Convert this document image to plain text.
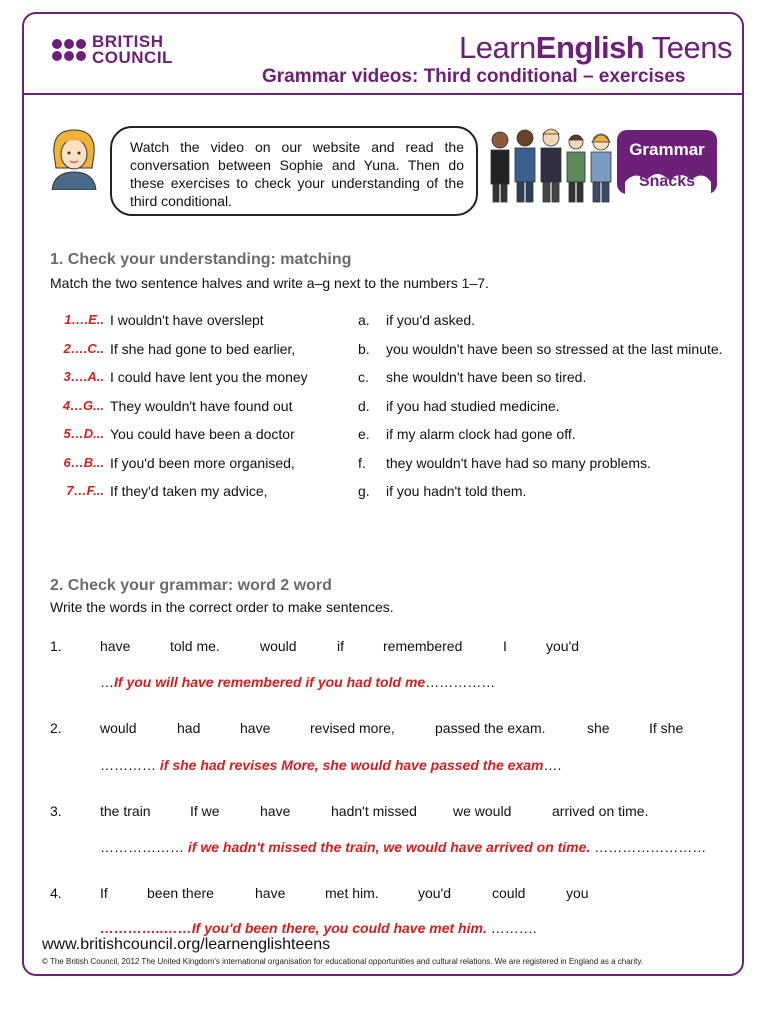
BRITISH
COUNCIL	LearnEnglish Teens
Grammar videos: Third conditional – exercises
Watch the video on our website and read the conversation between Sophie and Yuna. Then do these exercises to check your understanding of the third conditional.
Grammar
Snacks
1. Check your understanding: matching
Match the two sentence halves and write a–g next to the numbers 1–7.
1….E.. I wouldn't have overslept	a. if you'd asked.
2….C.. If she had gone to bed earlier,	b. you wouldn't have been so stressed at the last minute.
3….A.. I could have lent you the money	c. she wouldn't have been so tired.
4…G... They wouldn't have found out	d. if you had studied medicine.
5…D... You could have been a doctor	e. if my alarm clock had gone off.
6…B... If you'd been more organised,	f. they wouldn't have had so many problems.
7…F... If they'd taken my advice,	g. if you hadn't told them.
2. Check your grammar: word 2 word
Write the words in the correct order to make sentences.
1.	have	told me.	would	if	remembered	I	you'd
…If you will have remembered if you had told me……………
2.	would	had	have	revised more,	passed the exam.	she	If she
………… if she had revises More, she would have passed the exam….
3.	the train	If we	have	hadn't missed	we would	arrived on time.
……………… if we hadn't missed the train, we would have arrived on time. ……………………
4.	If	been there	have	met him.	you'd	could	you
…………..……If you'd been there, you could have met him. ……….
www.britishcouncil.org/learnenglishteens
© The British Council, 2012 The United Kingdom's international organisation for educational opportunities and cultural relations. We are registered in England as a charity.
